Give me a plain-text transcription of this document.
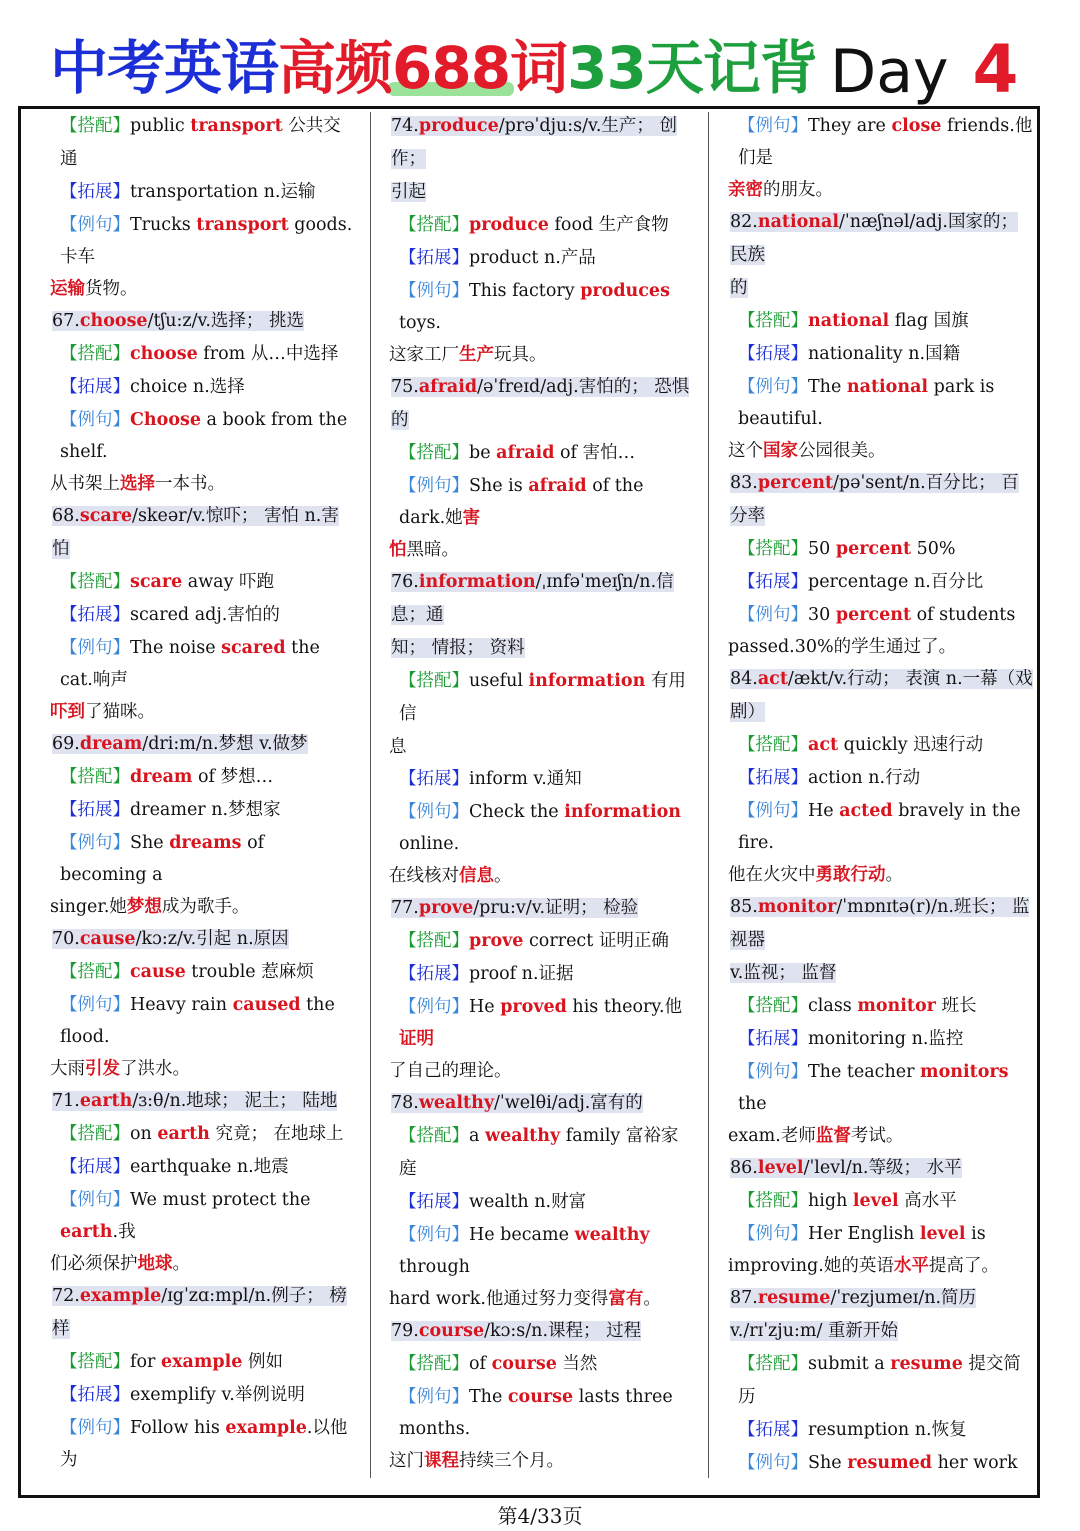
中考英语高频688词33天记背 Day 4
【搭配】public transport 公共交通
【拓展】transportation n.运输
【例句】Trucks transport goods.卡车
运输货物。
67.choose/tʃu:z/v.选择； 挑选
【搭配】choose from 从…中选择
【拓展】choice n.选择
【例句】Choose a book from the shelf.
从书架上选择一本书。
68.scare/skeər/v.惊吓； 害怕 n.害怕
【搭配】scare away 吓跑
【拓展】scared adj.害怕的
【例句】The noise scared the cat.响声
吓到了猫咪。
69.dream/dri:m/n.梦想 v.做梦
【搭配】dream of 梦想…
【拓展】dreamer n.梦想家
【例句】She dreams of becoming a
singer.她梦想成为歌手。
70.cause/kɔ:z/v.引起 n.原因
【搭配】cause trouble 惹麻烦
【例句】Heavy rain caused the flood.
大雨引发了洪水。
71.earth/ɜ:θ/n.地球； 泥土； 陆地
【搭配】on earth 究竟； 在地球上
【拓展】earthquake n.地震
【例句】We must protect the earth.我
们必须保护地球。
72.example/ɪgˈzɑ:mpl/n.例子； 榜样
【搭配】for example 例如
【拓展】exemplify v.举例说明
【例句】Follow his example.以他为
74.produce/prəˈdju:s/v.生产； 创作；
引起
【搭配】produce food 生产食物
【拓展】product n.产品
【例句】This factory produces toys.
这家工厂生产玩具。
75.afraid/əˈfreɪd/adj.害怕的； 恐惧的
【搭配】be afraid of 害怕…
【例句】She is afraid of the dark.她害
怕黑暗。
76.information/ˌɪnfəˈmeɪʃn/n.信息；通
知； 情报； 资料
【搭配】useful information 有用信
息
【拓展】inform v.通知
【例句】Check the information online.
在线核对信息。
77.prove/pru:v/v.证明； 检验
【搭配】prove correct 证明正确
【拓展】proof n.证据
【例句】He proved his theory.他证明
了自己的理论。
78.wealthy/ˈwelθi/adj.富有的
【搭配】a wealthy family 富裕家庭
【拓展】wealth n.财富
【例句】He became wealthy through
hard work.他通过努力变得富有。
79.course/kɔ:s/n.课程； 过程
【搭配】of course 当然
【例句】The course lasts three months.
这门课程持续三个月。
【例句】They are close friends.他们是
亲密的朋友。
82.national/ˈnæʃnəl/adj.国家的； 民族
的
【搭配】national flag 国旗
【拓展】nationality n.国籍
【例句】The national park is beautiful.
这个国家公园很美。
83.percent/pəˈsent/n.百分比； 百分率
【搭配】50 percent 50%
【拓展】percentage n.百分比
【例句】30 percent of students
passed.30%的学生通过了。
84.act/ækt/v.行动； 表演 n.一幕（戏
剧）
【搭配】act quickly 迅速行动
【拓展】action n.行动
【例句】He acted bravely in the fire.
他在火灾中勇敢行动。
85.monitor/ˈmɒnɪtə(r)/n.班长； 监视器
v.监视； 监督
【搭配】class monitor 班长
【拓展】monitoring n.监控
【例句】The teacher monitors the
exam.老师监督考试。
86.level/ˈlevl/n.等级； 水平
【搭配】high level 高水平
【例句】Her English level is
improving.她的英语水平提高了。
87.resume/ˈrezjumeɪ/n.简历
v./rɪˈzju:m/ 重新开始
【搭配】submit a resume 提交简历
【拓展】resumption n.恢复
【例句】She resumed her work
第4/33页
